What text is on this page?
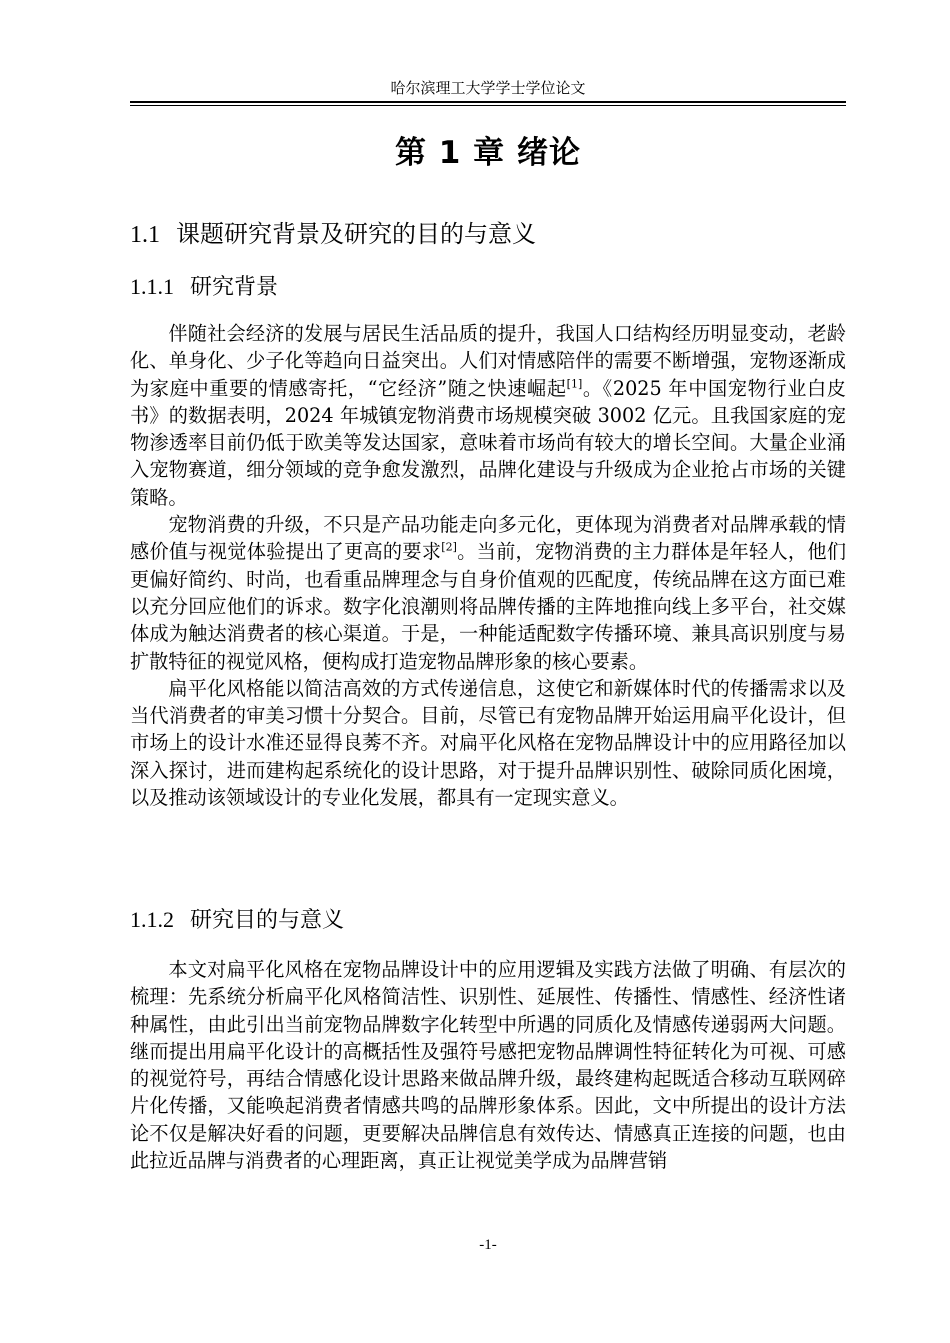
哈尔滨理工大学学士学位论文
第 1 章 绪论
1.1 课题研究背景及研究的目的与意义
1.1.1 研究背景

伴随社会经济的发展与居民生活品质的提升，我国人口结构经历明显变动，老龄化、单身化、少子化等趋向日益突出。人们对情感陪伴的需要不断增强，宠物逐渐成为家庭中重要的情感寄托，“它经济”随之快速崛起[1]。《2025 年中国宠物行业白皮书》的数据表明，2024 年城镇宠物消费市场规模突破 3002 亿元。且我国家庭的宠物渗透率目前仍低于欧美等发达国家，意味着市场尚有较大的增长空间。大量企业涌入宠物赛道，细分领域的竞争愈发激烈，品牌化建设与升级成为企业抢占市场的关键策略。

宠物消费的升级，不只是产品功能走向多元化，更体现为消费者对品牌承载的情感价值与视觉体验提出了更高的要求[2]。当前，宠物消费的主力群体是年轻人，他们更偏好简约、时尚，也看重品牌理念与自身价值观的匹配度，传统品牌在这方面已难以充分回应他们的诉求。数字化浪潮则将品牌传播的主阵地推向线上多平台，社交媒体成为触达消费者的核心渠道。于是，一种能适配数字传播环境、兼具高识别度与易扩散特征的视觉风格，便构成打造宠物品牌形象的核心要素。

扁平化风格能以简洁高效的方式传递信息，这使它和新媒体时代的传播需求以及当代消费者的审美习惯十分契合。目前，尽管已有宠物品牌开始运用扁平化设计，但市场上的设计水准还显得良莠不齐。对扁平化风格在宠物品牌设计中的应用路径加以深入探讨，进而建构起系统化的设计思路，对于提升品牌识别性、破除同质化困境，以及推动该领域设计的专业化发展，都具有一定现实意义。

1.1.2 研究目的与意义

本文对扁平化风格在宠物品牌设计中的应用逻辑及实践方法做了明确、有层次的梳理：先系统分析扁平化风格简洁性、识别性、延展性、传播性、情感性、经济性诸种属性，由此引出当前宠物品牌数字化转型中所遇的同质化及情感传递弱两大问题。继而提出用扁平化设计的高概括性及强符号感把宠物品牌调性特征转化为可视、可感的视觉符号，再结合情感化设计思路来做品牌升级，最终建构起既适合移动互联网碎片化传播，又能唤起消费者情感共鸣的品牌形象体系。因此，文中所提出的设计方法论不仅是解决好看的问题，更要解决品牌信息有效传达、情感真正连接的问题，也由此拉近品牌与消费者的心理距离，真正让视觉美学成为品牌营销

-1-
